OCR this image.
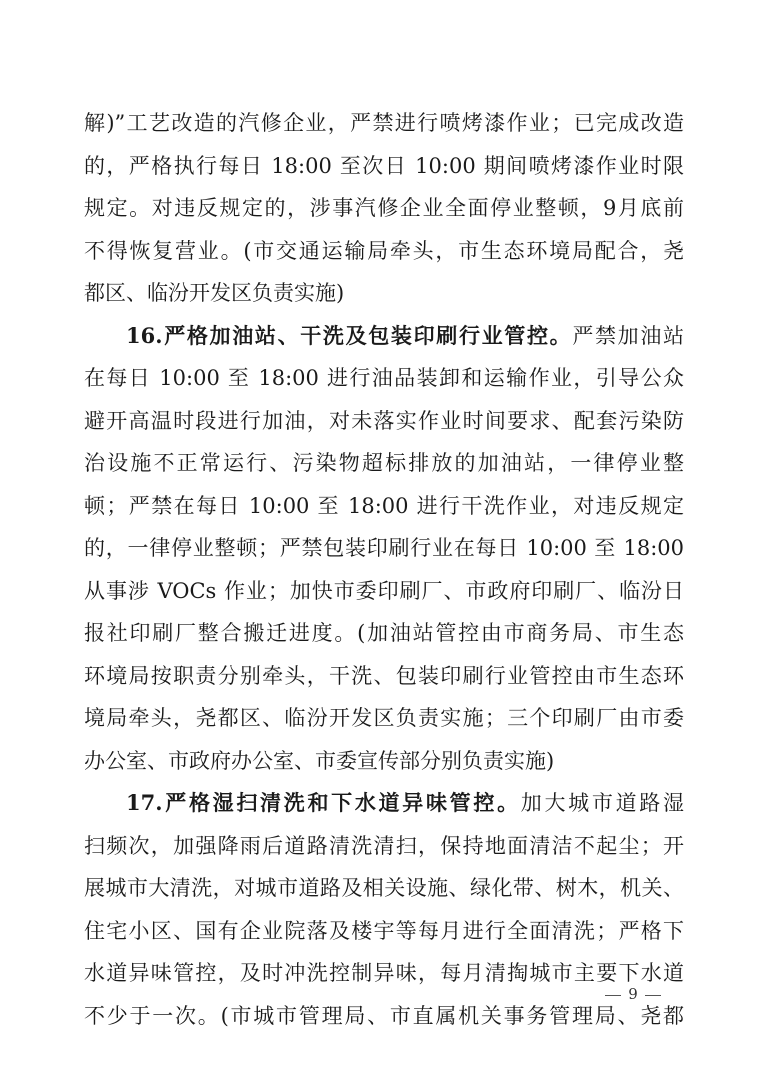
解)”工艺改造的汽修企业，严禁进行喷烤漆作业；已完成改造
的，严格执行每日 18:00 至次日 10:00 期间喷烤漆作业时限
规定。对违反规定的，涉事汽修企业全面停业整顿，9月底前
不得恢复营业。(市交通运输局牵头，市生态环境局配合，尧
都区、临汾开发区负责实施)
16.严格加油站、干洗及包装印刷行业管控。严禁加油站
在每日 10:00 至 18:00 进行油品装卸和运输作业，引导公众
避开高温时段进行加油，对未落实作业时间要求、配套污染防
治设施不正常运行、污染物超标排放的加油站，一律停业整
顿；严禁在每日 10:00 至 18:00 进行干洗作业，对违反规定
的，一律停业整顿；严禁包装印刷行业在每日 10:00 至 18:00
从事涉 VOCs 作业；加快市委印刷厂、市政府印刷厂、临汾日
报社印刷厂整合搬迁进度。(加油站管控由市商务局、市生态
环境局按职责分别牵头，干洗、包装印刷行业管控由市生态环
境局牵头，尧都区、临汾开发区负责实施；三个印刷厂由市委
办公室、市政府办公室、市委宣传部分别负责实施)
17.严格湿扫清洗和下水道异味管控。加大城市道路湿
扫频次，加强降雨后道路清洗清扫，保持地面清洁不起尘；开
展城市大清洗，对城市道路及相关设施、绿化带、树木，机关、
住宅小区、国有企业院落及楼宇等每月进行全面清洗；严格下
水道异味管控，及时冲洗控制异味，每月清掏城市主要下水道
不少于一次。(市城市管理局、市直属机关事务管理局、尧都
9
